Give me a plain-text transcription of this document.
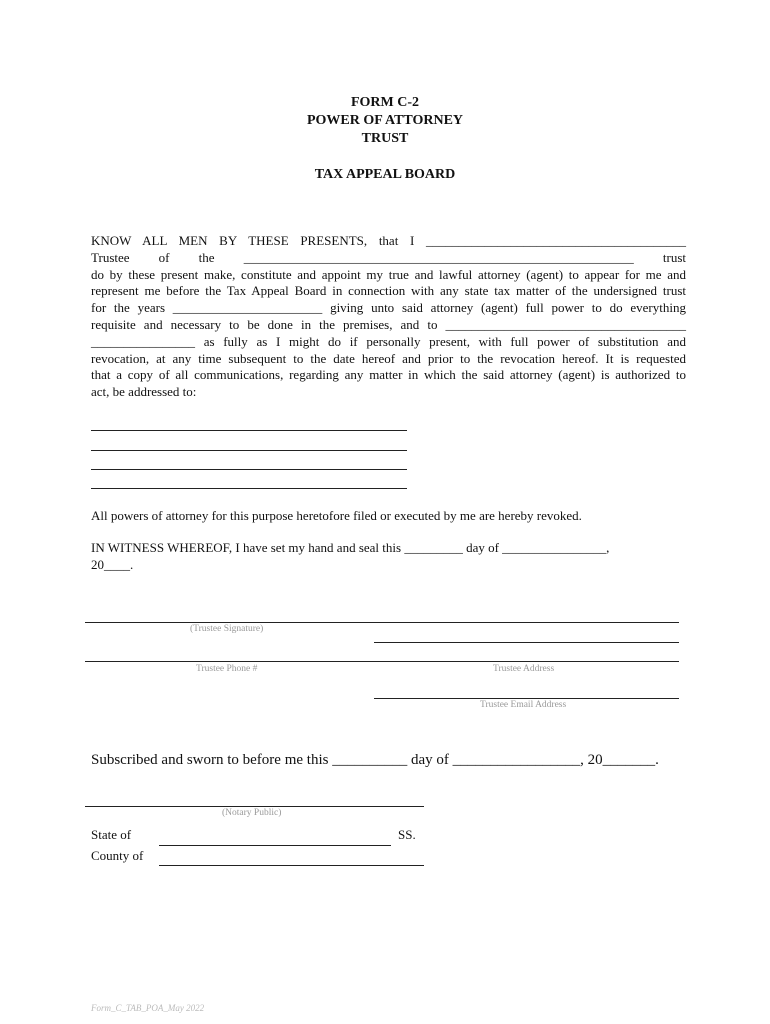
FORM C-2
POWER OF ATTORNEY
TRUST
TAX APPEAL BOARD
KNOW ALL MEN BY THESE PRESENTS, that I ________________________________________
Trustee of the ____________________________________________________________ trust
do by these present make, constitute and appoint my true and lawful attorney (agent) to appear for me and
represent me before the Tax Appeal Board in connection with any state tax matter of the undersigned trust
for the years _______________________ giving unto said attorney (agent) full power to do everything
requisite and necessary to be done in the premises, and to _____________________________________
________________ as fully as I might do if personally present, with full power of substitution and
revocation, at any time subsequent to the date hereof and prior to the revocation hereof. It is requested
that a copy of all communications, regarding any matter in which the said attorney (agent) is authorized to
act, be addressed to:
All powers of attorney for this purpose heretofore filed or executed by me are hereby revoked.
IN WITNESS WHEREOF, I have set my hand and seal this _________ day of ________________,
20____.
(Trustee Signature)
Trustee Phone #	Trustee Address
Trustee Email Address
Subscribed and sworn to before me this __________ day of _________________, 20_______.
(Notary Public)
State of	SS.
County of
Form_C_TAB_POA_May 2022
